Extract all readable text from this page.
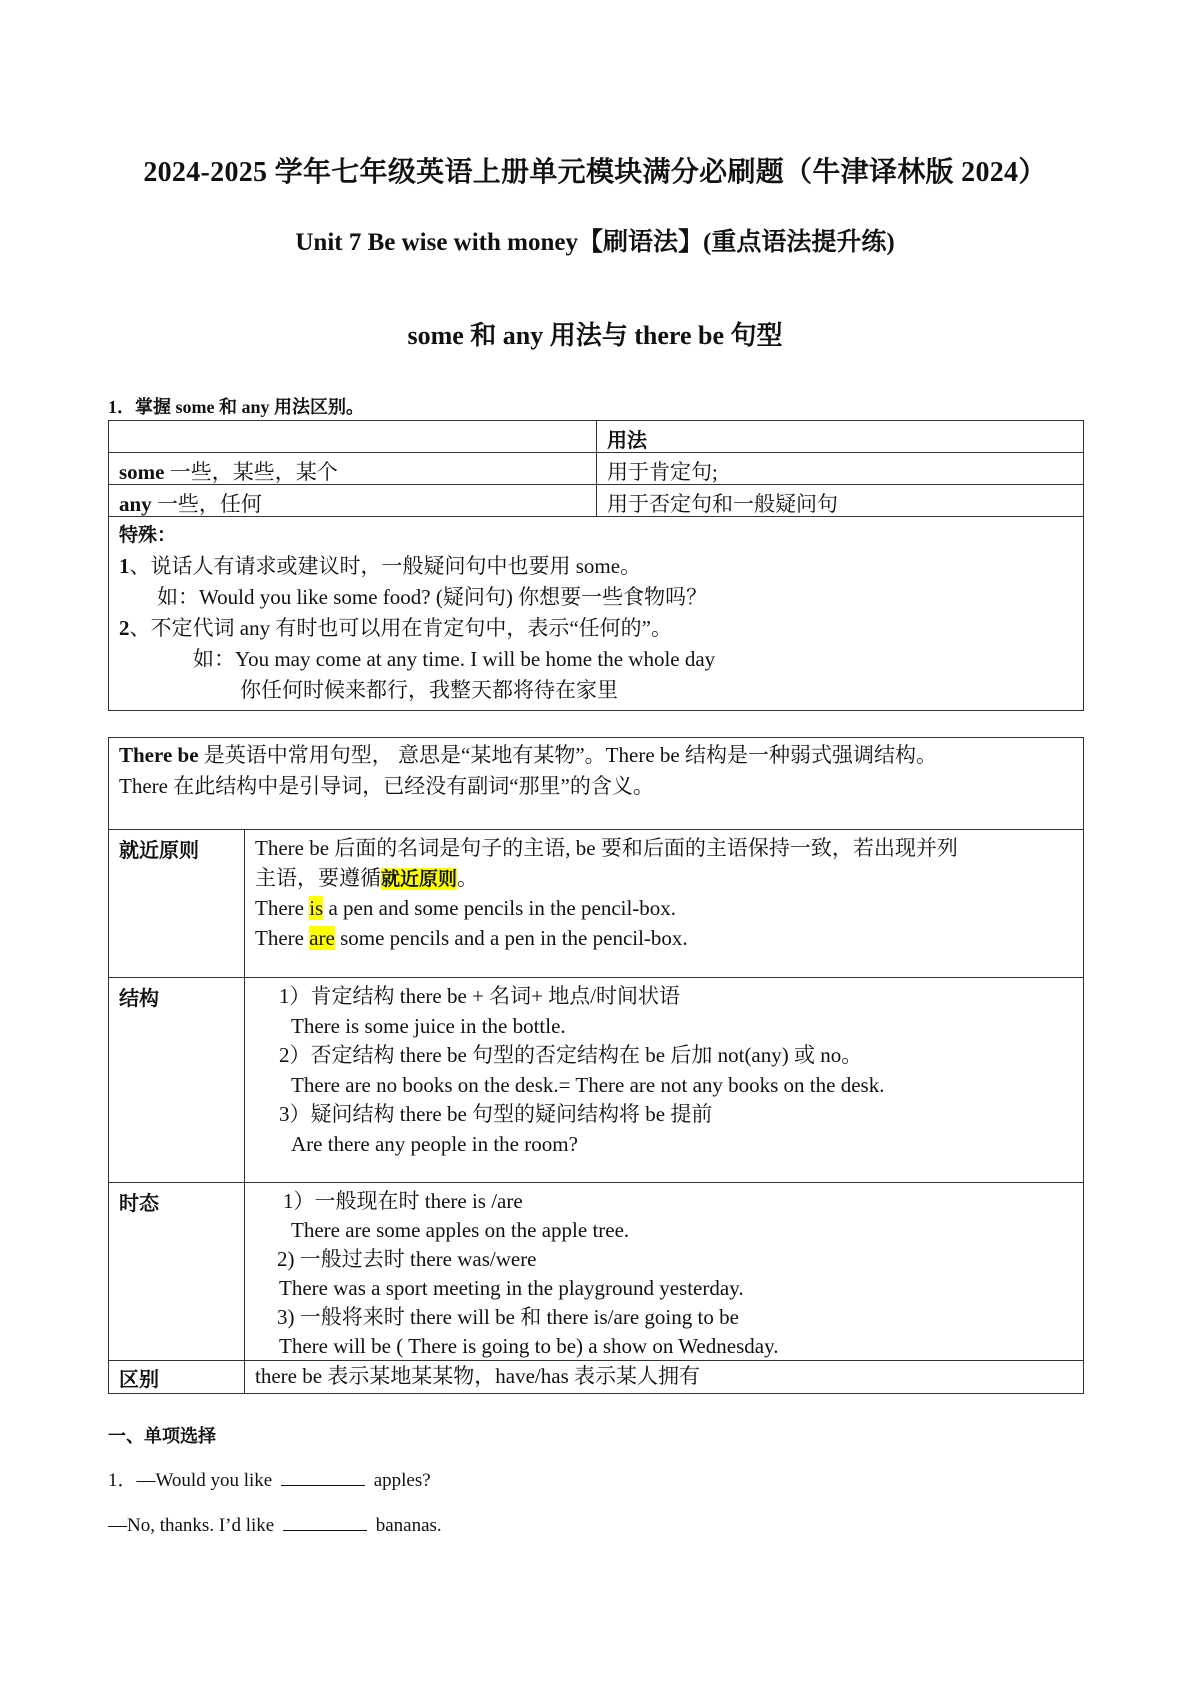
2024-2025 学年七年级英语上册单元模块满分必刷题（牛津译林版 2024）
Unit 7 Be wise with money【刷语法】(重点语法提升练)
some 和 any 用法与 there be 句型
1．掌握 some 和 any 用法区别。
用法
some 一些，某些，某个	用于肯定句;
any 一些，任何	用于否定句和一般疑问句
特殊：
1、说话人有请求或建议时，一般疑问句中也要用 some。
如：Would you like some food? (疑问句) 你想要一些食物吗？
2、不定代词 any 有时也可以用在肯定句中，表示“任何的”。
如：You may come at any time. I will be home the whole day
你任何时候来都行，我整天都将待在家里
There be 是英语中常用句型， 意思是“某地有某物”。There be 结构是一种弱式强调结构。
There 在此结构中是引导词，已经没有副词“那里”的含义。
就近原则	There be 后面的名词是句子的主语, be 要和后面的主语保持一致，若出现并列
主语，要遵循就近原则。
There is a pen and some pencils in the pencil-box.
There are some pencils and a pen in the pencil-box.
结构	1）肯定结构 there be + 名词+ 地点/时间状语
There is some juice in the bottle.
2）否定结构 there be 句型的否定结构在 be 后加 not(any) 或 no。
There are no books on the desk.= There are not any books on the desk.
3）疑问结构 there be 句型的疑问结构将 be 提前
Are there any people in the room?
时态	1）一般现在时 there is /are
There are some apples on the apple tree.
2) 一般过去时 there was/were
There was a sport meeting in the playground yesterday.
3) 一般将来时 there will be 和 there is/are going to be
There will be ( There is going to be) a show on Wednesday.
区别	there be 表示某地某某物，have/has 表示某人拥有
一、单项选择
1．—Would you like	apples?
—No, thanks. I’d like	bananas.
